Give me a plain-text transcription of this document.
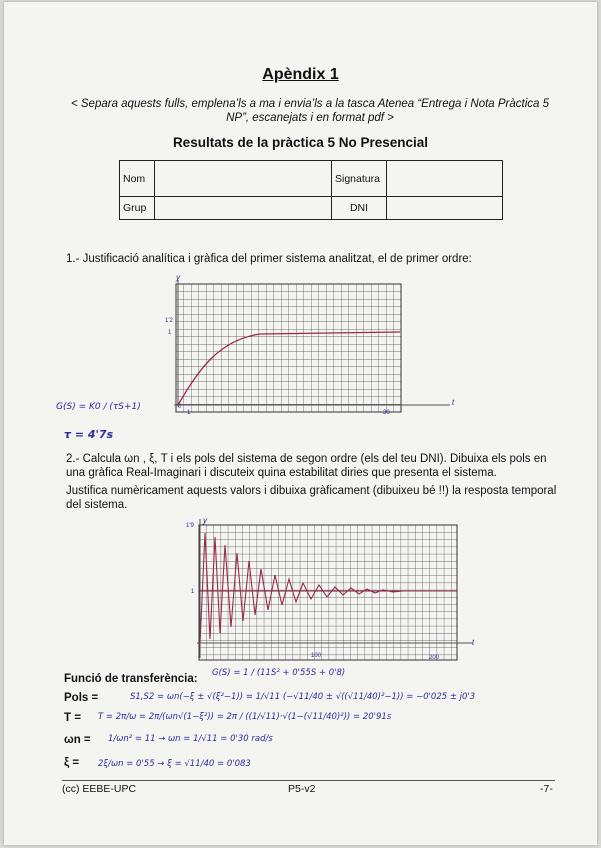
Apèndix 1
< Separa aquests fulls, emplena’ls a ma i envia’ls a la tasca Atenea “Entrega i Nota Pràctica 5 NP”, escanejats i en format pdf >
Resultats de la pràctica 5 No Presencial
Nom		Signatura	
Grup		DNI	
1.- Justificació analítica i gràfica del primer sistema analitzat, el de primer ordre:
y
t
1'2
1
1	30
0
G(S) = K0 / (τS+1)
τ = 4'7s
2.- Calcula ωn , ξ, T i els pols del sistema de segon ordre (els del teu DNI). Dibuixa els pols en una gràfica Real-Imaginari i discuteix quina estabilitat diries que presenta el sistema.
Justifica numèricament aquests valors i dibuixa gràficament (dibuixeu bé !!) la resposta temporal del sistema.
y
t
1'9
1
100	200
Funció de transferència: G(S) = 1 / (11S² + 0'55S + 0'8)
Pols =	S1,S2 = ωn(−ξ ± √(ξ²−1)) = 1/√11 (−√11/40 ± √((√11/40)²−1)) = −0'025 ± j0'3
T = T = 2π/ω = 2π/(ωn√(1−ξ²)) = 2π / ((1/√11)·√(1−(√11/40)²)) = 20'91s
ωn = 1/ωn² = 11 → ωn = 1/√11 = 0'30 rad/s
ξ = 2ξ/ωn = 0'55 → ξ = √11/40 = 0'083
(cc) EEBE-UPC	P5-v2	-7-
